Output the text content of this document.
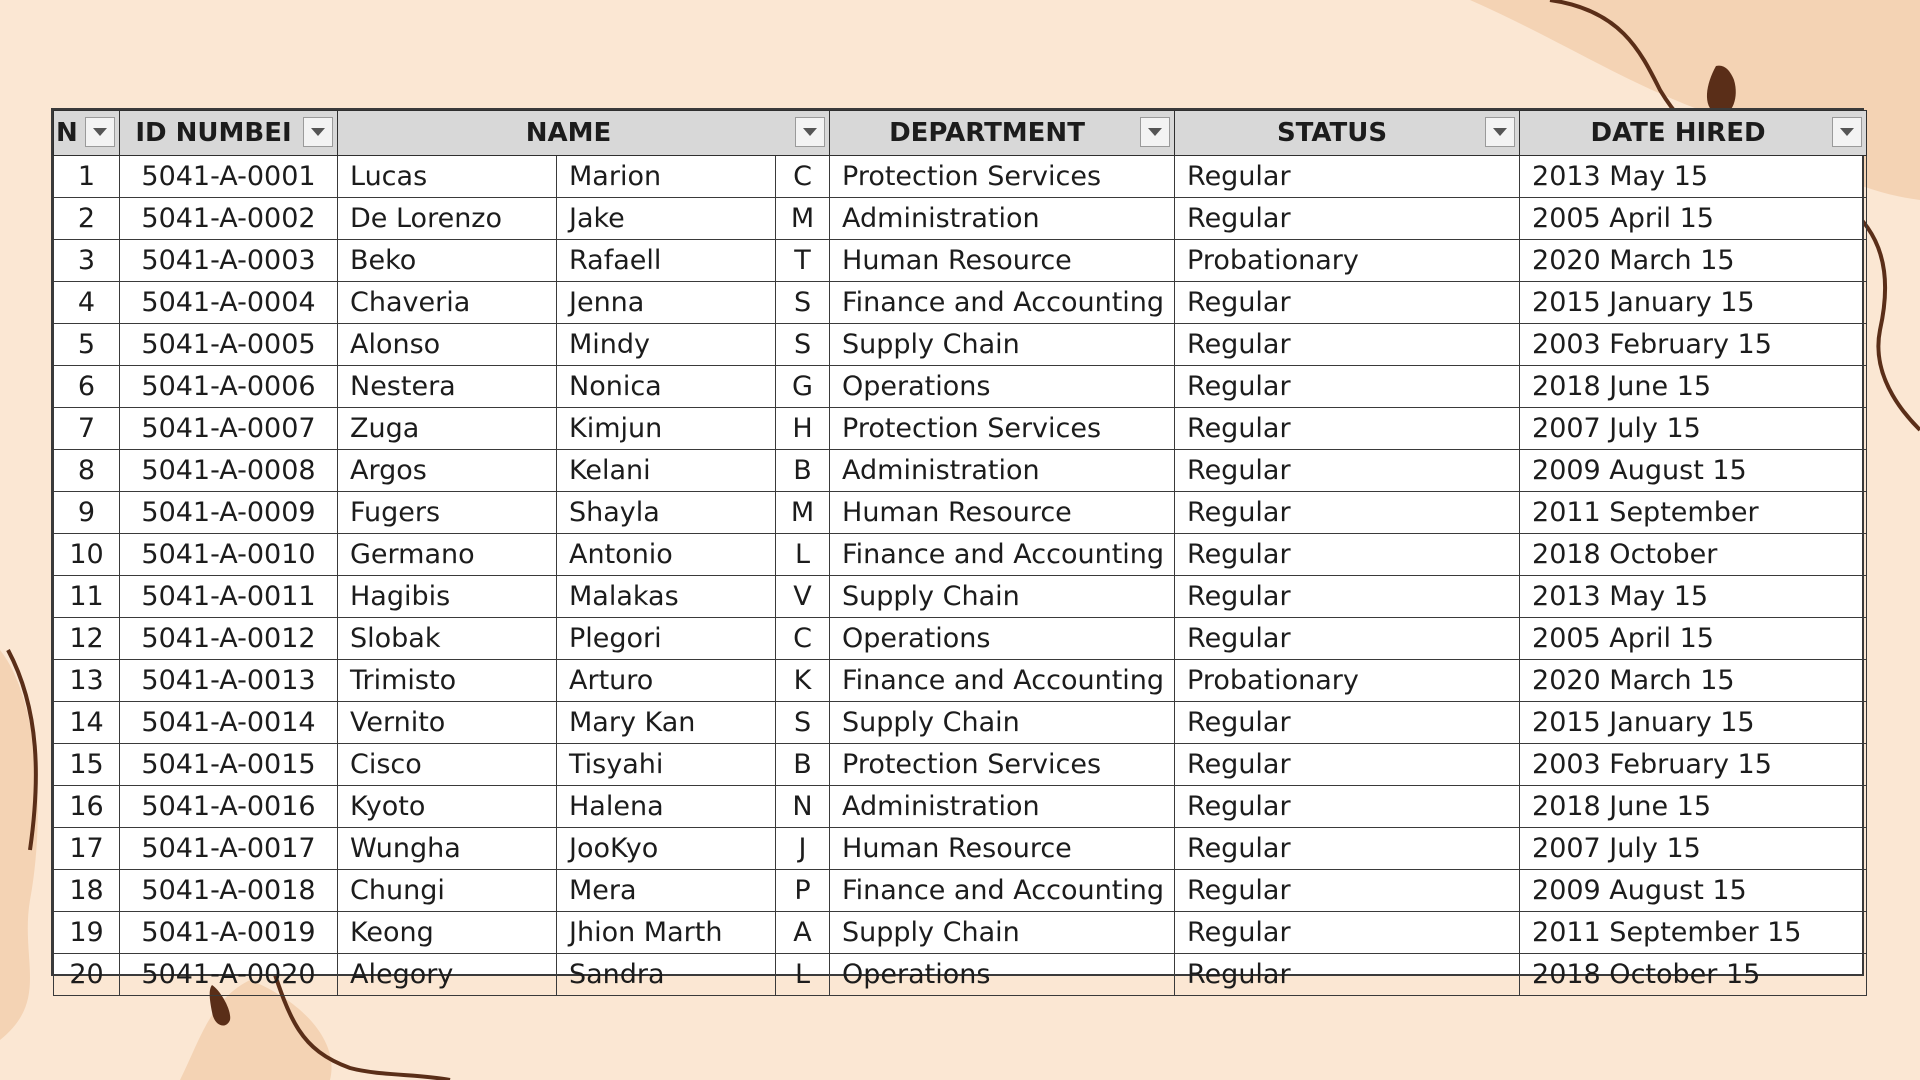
N	ID NUMBEI	NAME			DEPARTMENT	STATUS	DATE HIRED

1	5041-A-0001	Lucas	Marion	C	Protection Services	Regular	2013 May 15
2	5041-A-0002	De Lorenzo	Jake	M	Administration	Regular	2005 April 15
3	5041-A-0003	Beko	Rafaell	T	Human Resource	Probationary	2020 March 15
4	5041-A-0004	Chaveria	Jenna	S	Finance and Accounting	Regular	2015 January 15
5	5041-A-0005	Alonso	Mindy	S	Supply Chain	Regular	2003 February 15
6	5041-A-0006	Nestera	Nonica	G	Operations	Regular	2018 June 15
7	5041-A-0007	Zuga	Kimjun	H	Protection Services	Regular	2007 July 15
8	5041-A-0008	Argos	Kelani	B	Administration	Regular	2009 August 15
9	5041-A-0009	Fugers	Shayla	M	Human Resource	Regular	2011 September
10	5041-A-0010	Germano	Antonio	L	Finance and Accounting	Regular	2018 October
11	5041-A-0011	Hagibis	Malakas	V	Supply Chain	Regular	2013 May 15
12	5041-A-0012	Slobak	Plegori	C	Operations	Regular	2005 April 15
13	5041-A-0013	Trimisto	Arturo	K	Finance and Accounting	Probationary	2020 March 15
14	5041-A-0014	Vernito	Mary Kan	S	Supply Chain	Regular	2015 January 15
15	5041-A-0015	Cisco	Tisyahi	B	Protection Services	Regular	2003 February 15
16	5041-A-0016	Kyoto	Halena	N	Administration	Regular	2018 June 15
17	5041-A-0017	Wungha	JooKyo	J	Human Resource	Regular	2007 July 15
18	5041-A-0018	Chungi	Mera	P	Finance and Accounting	Regular	2009 August 15
19	5041-A-0019	Keong	Jhion Marth	A	Supply Chain	Regular	2011 September 15
20	5041-A-0020	Alegory	Sandra	L	Operations	Regular	2018 October 15
